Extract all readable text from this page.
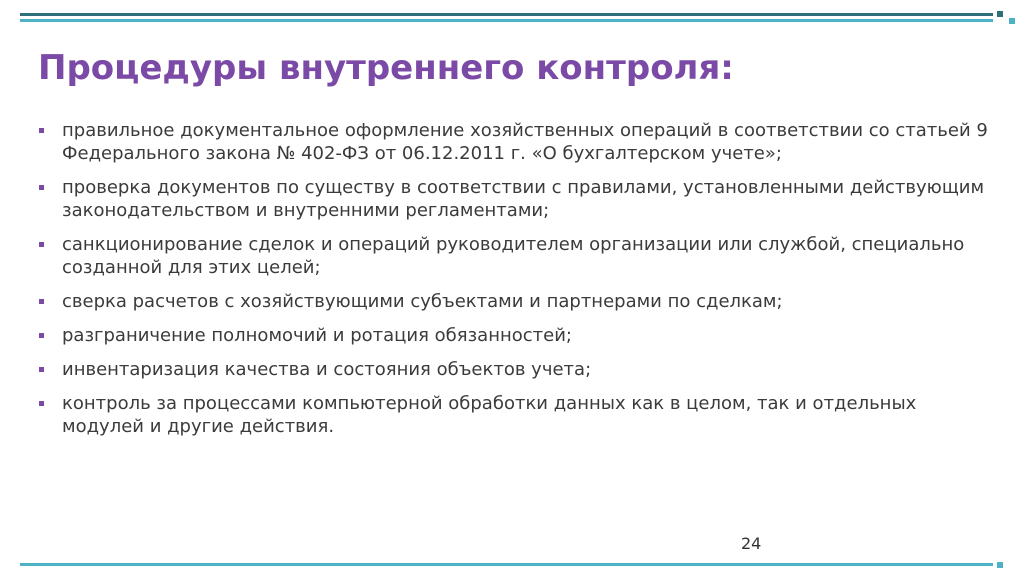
Процедуры внутреннего контроля:
правильное документальное оформление хозяйственных операций в соответствии со статьей 9 Федерального закона № 402-ФЗ от 06.12.2011 г. «О бухгалтерском учете»;
проверка документов по существу в соответствии с правилами, установленными действующим законодательством и внутренними регламентами;
санкционирование сделок и операций руководителем организации или службой, специально созданной для этих целей;
сверка расчетов с хозяйствующими субъектами и партнерами по сделкам;
разграничение полномочий и ротация обязанностей;
инвентаризация качества и состояния объектов учета;
контроль за процессами компьютерной обработки данных как в целом, так и отдельных модулей и другие действия.
24
